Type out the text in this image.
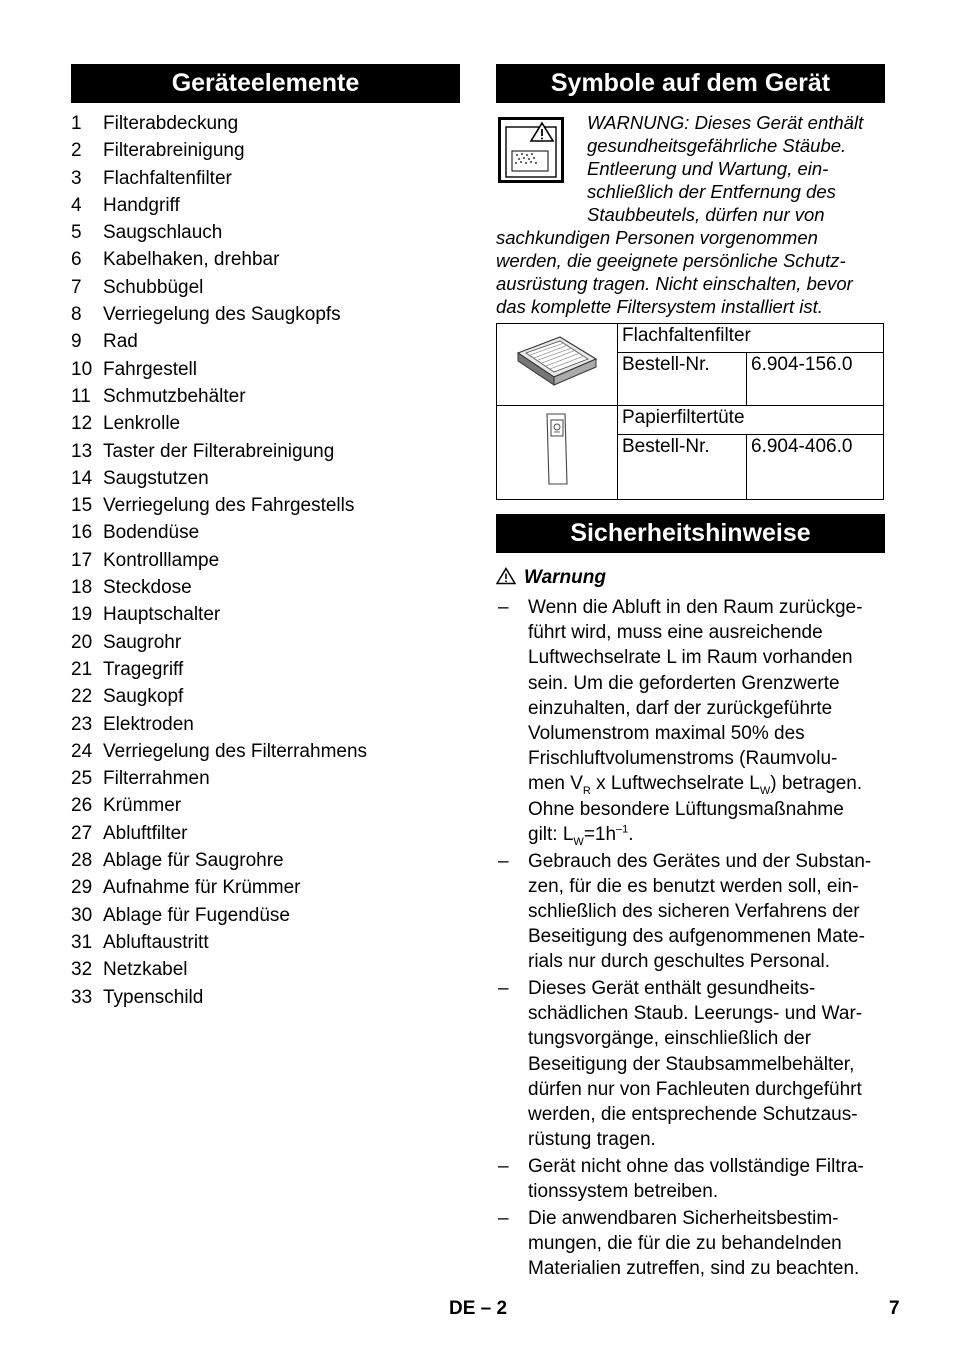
Geräteelemente
1 Filterabdeckung
2 Filterabreinigung
3 Flachfaltenfilter
4 Handgriff
5 Saugschlauch
6 Kabelhaken, drehbar
7 Schubbügel
8 Verriegelung des Saugkopfs
9 Rad
10 Fahrgestell
11 Schmutzbehälter
12 Lenkrolle
13 Taster der Filterabreinigung
14 Saugstutzen
15 Verriegelung des Fahrgestells
16 Bodendüse
17 Kontrolllampe
18 Steckdose
19 Hauptschalter
20 Saugrohr
21 Tragegriff
22 Saugkopf
23 Elektroden
24 Verriegelung des Filterrahmens
25 Filterrahmen
26 Krümmer
27 Abluftfilter
28 Ablage für Saugrohre
29 Aufnahme für Krümmer
30 Ablage für Fugendüse
31 Abluftaustritt
32 Netzkabel
33 Typenschild
Symbole auf dem Gerät

WARNUNG: Dieses Gerät enthält
gesundheitsgefährliche Stäube.
Entleerung und Wartung, ein-
schließlich der Entfernung des
Staubbeutels, dürfen nur von
sachkundigen Personen vorgenommen
werden, die geeignete persönliche Schutz-
ausrüstung tragen. Nicht einschalten, bevor
das komplette Filtersystem installiert ist.

	Flachfaltenfilter	
	Bestell-Nr.	6.904-156.0
	Papierfiltertüte	
	Bestell-Nr.	6.904-406.0
Sicherheitshinweise
Warnung
– Wenn die Abluft in den Raum zurückge-
führt wird, muss eine ausreichende
Luftwechselrate L im Raum vorhanden
sein. Um die geforderten Grenzwerte
einzuhalten, darf der zurückgeführte
Volumenstrom maximal 50% des
Frischluftvolumenstroms (Raumvolu-
men $V_R$ x Luftwechselrate $L_W$) betragen.
Ohne besondere Lüftungsmaßnahme
gilt: $L_W=1h^{-1}$.
– Gebrauch des Gerätes und der Substan-
zen, für die es benutzt werden soll, ein-
schließlich des sicheren Verfahrens der
Beseitigung des aufgenommenen Mate-
rials nur durch geschultes Personal.
– Dieses Gerät enthält gesundheits-
schädlichen Staub. Leerungs- und War-
tungsvorgänge, einschließlich der
Beseitigung der Staubsammelbehälter,
dürfen nur von Fachleuten durchgeführt
werden, die entsprechende Schutzaus-
rüstung tragen.
– Gerät nicht ohne das vollständige Filtra-
tionssystem betreiben.
– Die anwendbaren Sicherheitsbestim-
mungen, die für die zu behandelnden
Materialien zutreffen, sind zu beachten.
DE – 2	7
